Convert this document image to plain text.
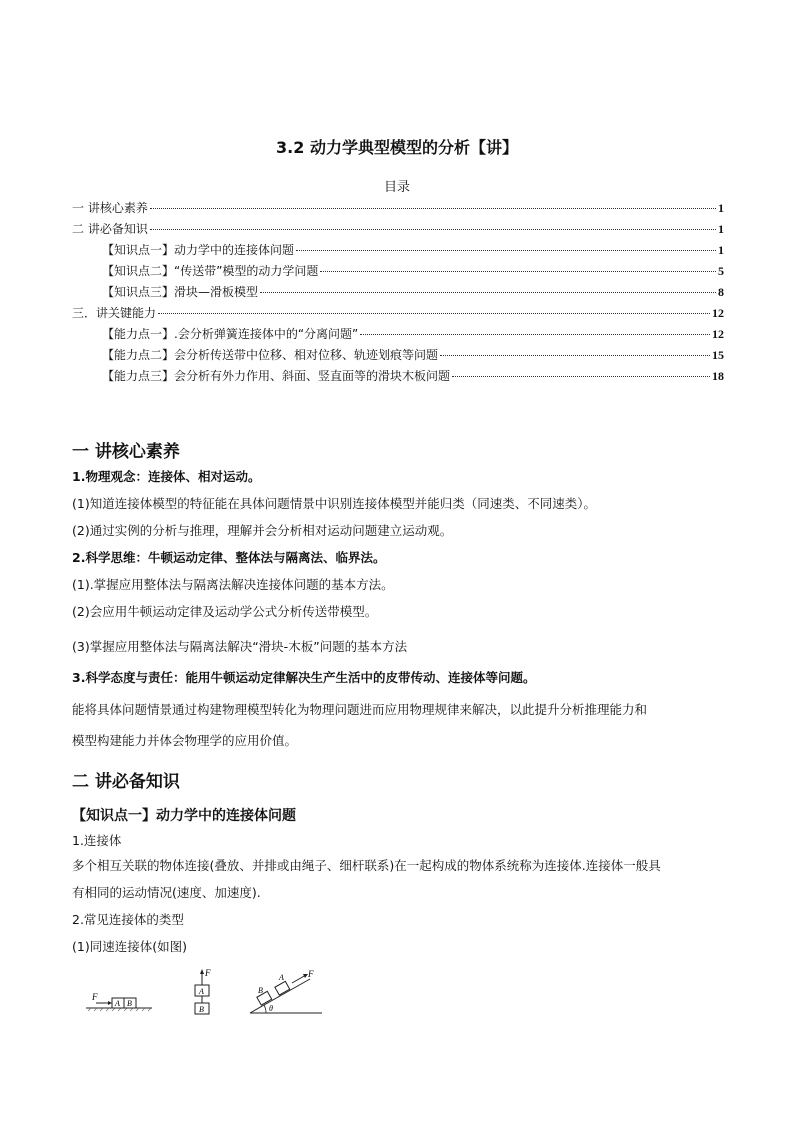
3.2 动力学典型模型的分析【讲】
目录
一 讲核心素养	1
二 讲必备知识	1
【知识点一】动力学中的连接体问题	1
【知识点二】“传送带”模型的动力学问题	5
【知识点三】滑块—滑板模型	8
三．讲关键能力	12
【能力点一】.会分析弹簧连接体中的“分离问题”	12
【能力点二】会分析传送带中位移、相对位移、轨迹划痕等问题	15
【能力点三】会分析有外力作用、斜面、竖直面等的滑块木板问题	18
一 讲核心素养
1.物理观念：连接体、相对运动。
(1)知道连接体模型的特征能在具体问题情景中识别连接体模型并能归类（同速类、不同速类）。
(2)通过实例的分析与推理，理解并会分析相对运动问题建立运动观。
2.科学思维：牛顿运动定律、整体法与隔离法、临界法。
(1).掌握应用整体法与隔离法解决连接体问题的基本方法。
(2)会应用牛顿运动定律及运动学公式分析传送带模型。
(3)掌握应用整体法与隔离法解决“滑块-木板”问题的基本方法
3.科学态度与责任：能用牛顿运动定律解决生产生活中的皮带传动、连接体等问题。
能将具体问题情景通过构建物理模型转化为物理问题进而应用物理规律来解决，以此提升分析推理能力和
模型构建能力并体会物理学的应用价值。
二 讲必备知识
【知识点一】动力学中的连接体问题
1.连接体
多个相互关联的物体连接(叠放、并排或由绳子、细杆联系)在一起构成的物体系统称为连接体.连接体一般具
有相同的运动情况(速度、加速度).
2.常见连接体的类型
(1)同速连接体(如图)
F
A B
F
A
B
F
B
A
θ
